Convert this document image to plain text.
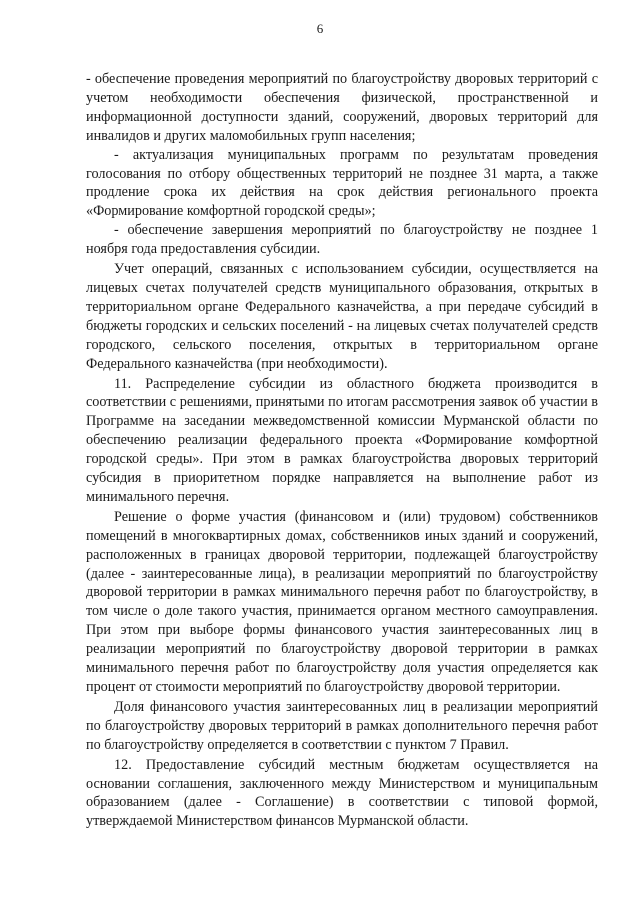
6

- обеспечение проведения мероприятий по благоустройству дворовых территорий с учетом необходимости обеспечения физической, пространственной и информационной доступности зданий, сооружений, дворовых территорий для инвалидов и других маломобильных групп населения;

- актуализация муниципальных программ по результатам проведения голосования по отбору общественных территорий не позднее 31 марта, а также продление срока их действия на срок действия регионального проекта «Формирование комфортной городской среды»;

- обеспечение завершения мероприятий по благоустройству не позднее 1 ноября года предоставления субсидии.

Учет операций, связанных с использованием субсидии, осуществляется на лицевых счетах получателей средств муниципального образования, открытых в территориальном органе Федерального казначейства, а при передаче субсидий в бюджеты городских и сельских поселений - на лицевых счетах получателей средств городского, сельского поселения, открытых в территориальном органе Федерального казначейства (при необходимости).

11. Распределение субсидии из областного бюджета производится в соответствии с решениями, принятыми по итогам рассмотрения заявок об участии в Программе на заседании межведомственной комиссии Мурманской области по обеспечению реализации федерального проекта «Формирование комфортной городской среды». При этом в рамках благоустройства дворовых территорий субсидия в приоритетном порядке направляется на выполнение работ из минимального перечня.

Решение о форме участия (финансовом и (или) трудовом) собственников помещений в многоквартирных домах, собственников иных зданий и сооружений, расположенных в границах дворовой территории, подлежащей благоустройству (далее - заинтересованные лица), в реализации мероприятий по благоустройству дворовой территории в рамках минимального перечня работ по благоустройству, в том числе о доле такого участия, принимается органом местного самоуправления. При этом при выборе формы финансового участия заинтересованных лиц в реализации мероприятий по благоустройству дворовой территории в рамках минимального перечня работ по благоустройству доля участия определяется как процент от стоимости мероприятий по благоустройству дворовой территории.

Доля финансового участия заинтересованных лиц в реализации мероприятий по благоустройству дворовых территорий в рамках дополнительного перечня работ по благоустройству определяется в соответствии с пунктом 7 Правил.

12. Предоставление субсидий местным бюджетам осуществляется на основании соглашения, заключенного между Министерством и муниципальным образованием (далее - Соглашение) в соответствии с типовой формой, утверждаемой Министерством финансов Мурманской области.
